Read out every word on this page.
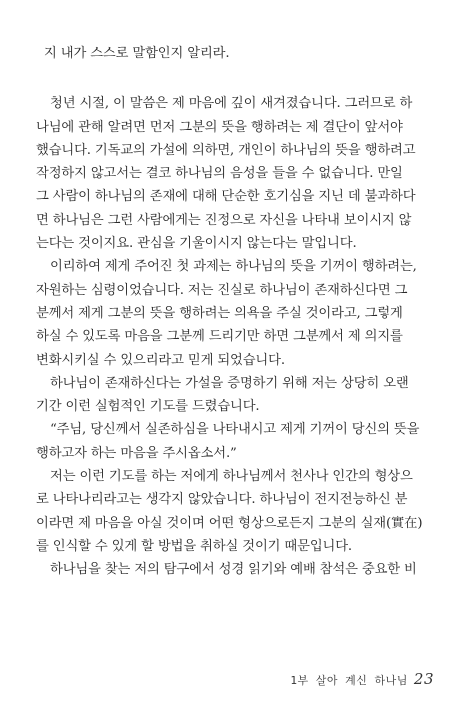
지 내가 스스로 말함인지 알리라.
청년 시절, 이 말씀은 제 마음에 깊이 새겨졌습니다. 그러므로 하
나님에 관해 알려면 먼저 그분의 뜻을 행하려는 제 결단이 앞서야
했습니다. 기독교의 가설에 의하면, 개인이 하나님의 뜻을 행하려고
작정하지 않고서는 결코 하나님의 음성을 들을 수 없습니다. 만일
그 사람이 하나님의 존재에 대해 단순한 호기심을 지닌 데 불과하다
면 하나님은 그런 사람에게는 진정으로 자신을 나타내 보이시지 않
는다는 것이지요. 관심을 기울이시지 않는다는 말입니다.
이리하여 제게 주어진 첫 과제는 하나님의 뜻을 기꺼이 행하려는,
자원하는 심령이었습니다. 저는 진실로 하나님이 존재하신다면 그
분께서 제게 그분의 뜻을 행하려는 의욕을 주실 것이라고, 그렇게
하실 수 있도록 마음을 그분께 드리기만 하면 그분께서 제 의지를
변화시키실 수 있으리라고 믿게 되었습니다.
하나님이 존재하신다는 가설을 증명하기 위해 저는 상당히 오랜
기간 이런 실험적인 기도를 드렸습니다.
“주님, 당신께서 실존하심을 나타내시고 제게 기꺼이 당신의 뜻을
행하고자 하는 마음을 주시옵소서.”
저는 이런 기도를 하는 저에게 하나님께서 천사나 인간의 형상으
로 나타나리라고는 생각지 않았습니다. 하나님이 전지전능하신 분
이라면 제 마음을 아실 것이며 어떤 형상으로든지 그분의 실재(實在)
를 인식할 수 있게 할 방법을 취하실 것이기 때문입니다.
하나님을 찾는 저의 탐구에서 성경 읽기와 예배 참석은 중요한 비
1부 살아 계신 하나님 23
